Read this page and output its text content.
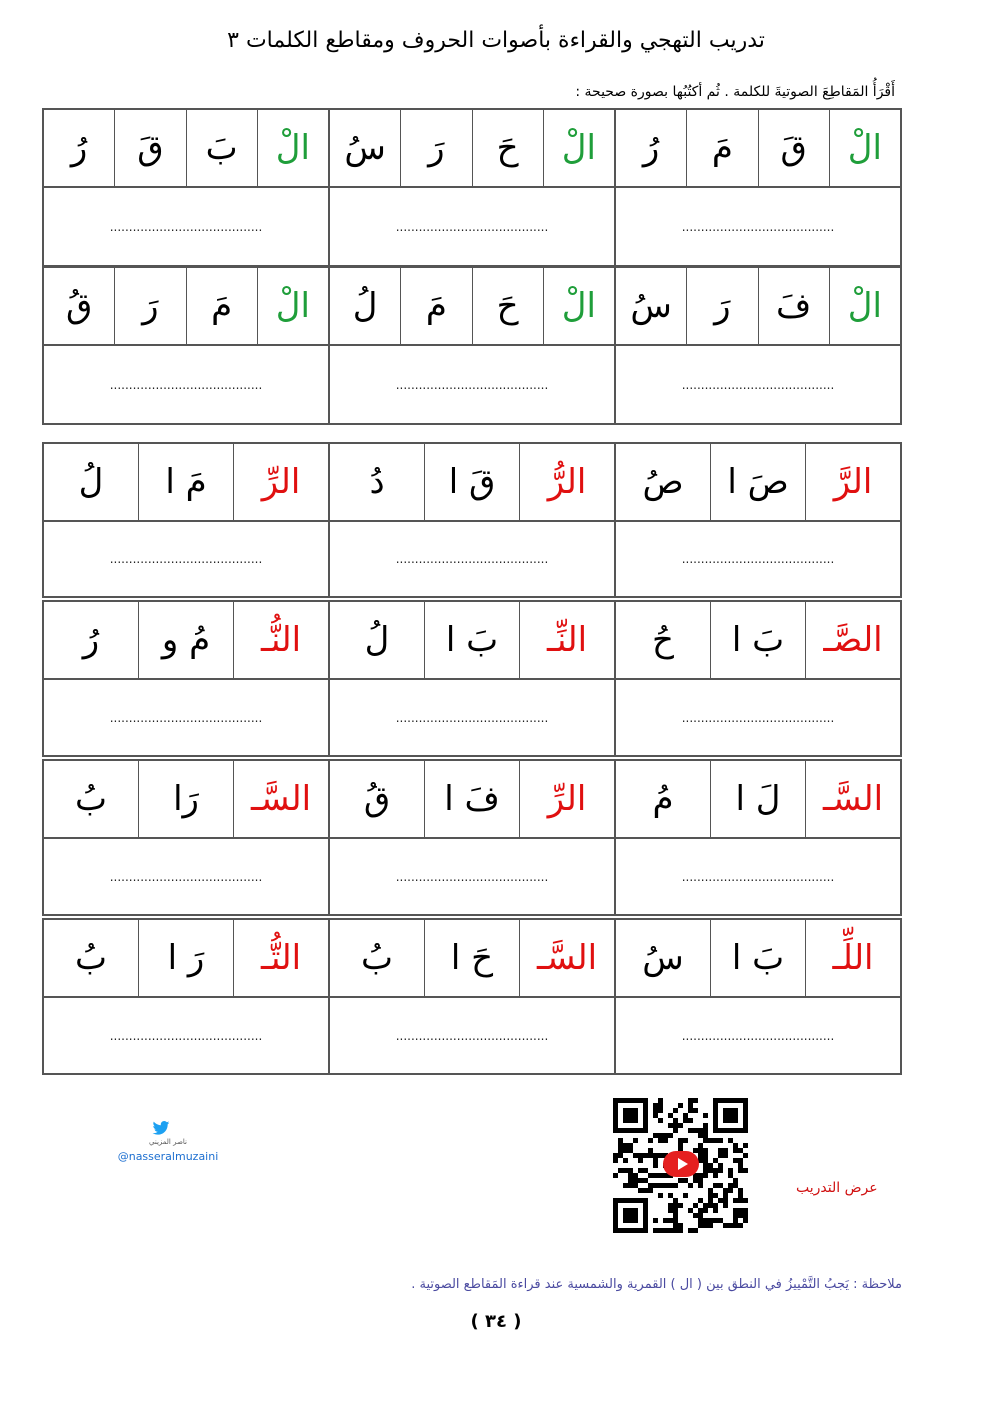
تدريب التهجي والقراءة بأصوات الحروف ومقاطع الكلمات ٣
أَقْرَأُ المَقاطِعَ الصوتيةَ للكلمة . ثُم أكتُبُها بصورة صحيحة :
الْ
قَ
مَ
رُ
........................................
الْ
حَ
رَ
سُ
........................................
الْ
بَ
قَ
رُ
........................................
الْ
فَ
رَ
سُ
........................................
الْ
حَ
مَ
لُ
........................................
الْ
مَ
رَ
قُ
........................................
الرَّ
صَ ا
صُ
........................................
الرُّ
قَ ا
دُ
........................................
الرِّ
مَ ا
لُ
........................................
الصَّـ
بَ ا
حُ
........................................
النِّـ
بَ ا
لُ
........................................
النُّـ
مُ و
رُ
........................................
السَّـ
لَ ا
مُ
........................................
الرِّ
فَ ا
قُ
........................................
السَّـ
رَا
بُ
........................................
اللِّـ
بَ ا
سُ
........................................
السَّـ
حَ ا
بُ
........................................
التُّـ
رَ ا
بُ
........................................
عرض التدريب
ناصر المزيني
@nasseralmuzaini
ملاحظة : يَجبُ التَّمْييزُ في النطق بين ( ال ) القمرية والشمسية عند قراءة المَقاطع الصوتية .
( ٣٤ )
